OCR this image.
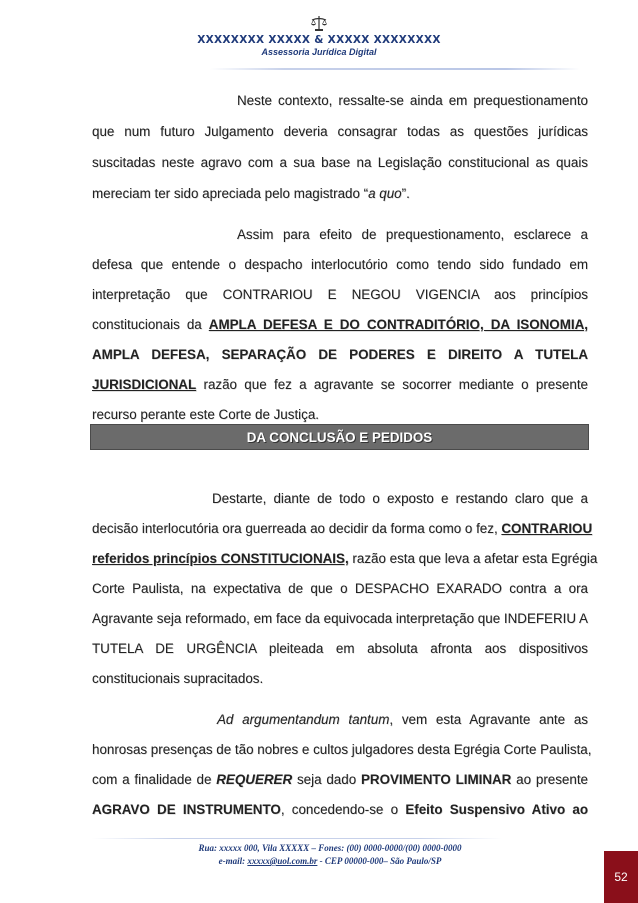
XXXXXXXX XXXXX & XXXXX XXXXXXXX
Assessoria Jurídica Digital
Neste contexto, ressalte-se ainda em prequestionamento
que num futuro Julgamento deveria consagrar todas as questões jurídicas
suscitadas neste agravo com a sua base na Legislação constitucional as quais
mereciam ter sido apreciada pelo magistrado “a quo”.
Assim para efeito de prequestionamento, esclarece a
defesa que entende o despacho interlocutório como tendo sido fundado em
interpretação que CONTRARIOU E NEGOU VIGENCIA aos princípios
constitucionais da AMPLA DEFESA E DO CONTRADITÓRIO, DA ISONOMIA,
AMPLA DEFESA, SEPARAÇÃO DE PODERES E DIREITO A TUTELA
JURISDICIONAL razão que fez a agravante se socorrer mediante o presente
recurso perante este Corte de Justiça.
DA CONCLUSÃO E PEDIDOS
Destarte, diante de todo o exposto e restando claro que a
decisão interlocutória ora guerreada ao decidir da forma como o fez, CONTRARIOU
referidos princípios CONSTITUCIONAIS, razão esta que leva a afetar esta Egrégia
Corte Paulista, na expectativa de que o DESPACHO EXARADO contra a ora
Agravante seja reformado, em face da equivocada interpretação que INDEFERIU A
TUTELA DE URGÊNCIA pleiteada em absoluta afronta aos dispositivos
constitucionais supracitados.
Ad argumentandum tantum, vem esta Agravante ante as
honrosas presenças de tão nobres e cultos julgadores desta Egrégia Corte Paulista,
com a finalidade de REQUERER seja dado PROVIMENTO LIMINAR ao presente
AGRAVO DE INSTRUMENTO, concedendo-se o Efeito Suspensivo Ativo ao
Rua: xxxxx 000, Vila XXXXX – Fones: (00) 0000-0000/(00) 0000-0000
e-mail: xxxxx@uol.com.br - CEP 00000-000– São Paulo/SP
52
